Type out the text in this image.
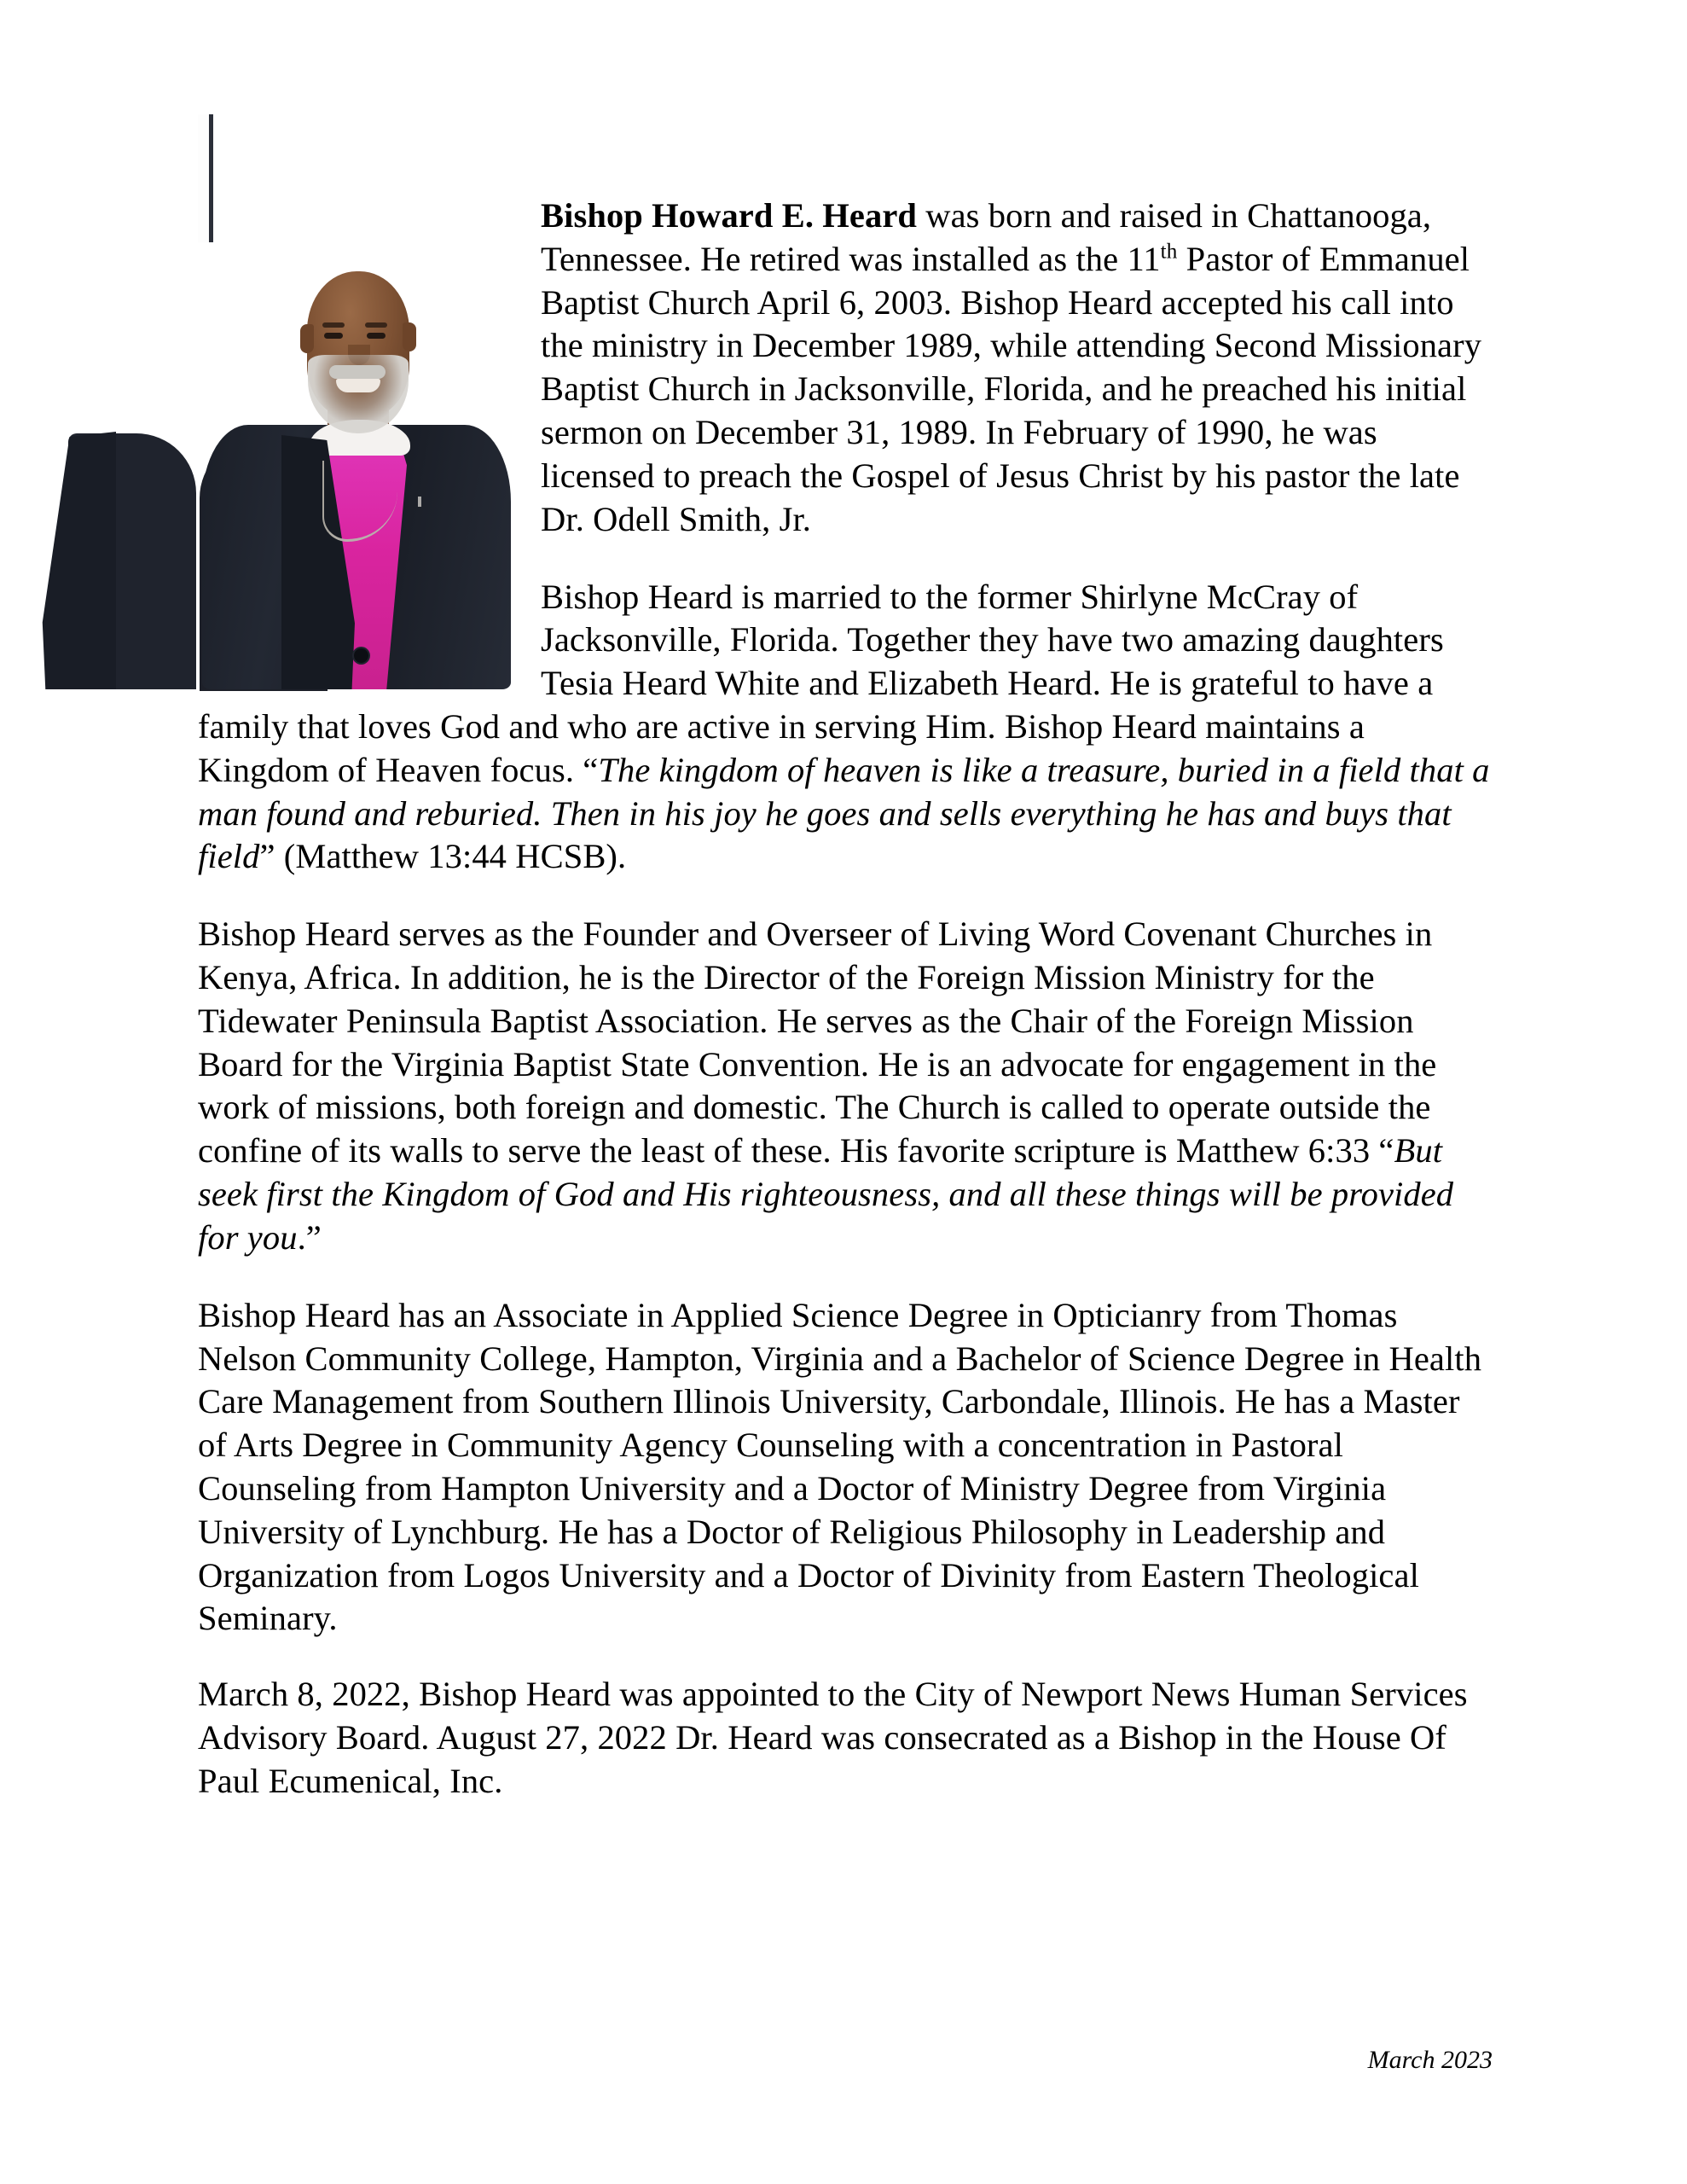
Bishop Howard E. Heard was born and raised in Chattanooga, Tennessee. He retired was installed as the 11th Pastor of Emmanuel Baptist Church April 6, 2003. Bishop Heard accepted his call into the ministry in December 1989, while attending Second Missionary Baptist Church in Jacksonville, Florida, and he preached his initial sermon on December 31, 1989. In February of 1990, he was licensed to preach the Gospel of Jesus Christ by his pastor the late Dr. Odell Smith, Jr.

Bishop Heard is married to the former Shirlyne McCray of Jacksonville, Florida. Together they have two amazing daughters Tesia Heard White and Elizabeth Heard. He is grateful to have a family that loves God and who are active in serving Him. Bishop Heard maintains a Kingdom of Heaven focus. “The kingdom of heaven is like a treasure, buried in a field that a man found and reburied. Then in his joy he goes and sells everything he has and buys that field” (Matthew 13:44 HCSB).

Bishop Heard serves as the Founder and Overseer of Living Word Covenant Churches in Kenya, Africa. In addition, he is the Director of the Foreign Mission Ministry for the Tidewater Peninsula Baptist Association. He serves as the Chair of the Foreign Mission Board for the Virginia Baptist State Convention. He is an advocate for engagement in the work of missions, both foreign and domestic. The Church is called to operate outside the confine of its walls to serve the least of these. His favorite scripture is Matthew 6:33 “But seek first the Kingdom of God and His righteousness, and all these things will be provided for you.”

Bishop Heard has an Associate in Applied Science Degree in Opticianry from Thomas Nelson Community College, Hampton, Virginia and a Bachelor of Science Degree in Health Care Management from Southern Illinois University, Carbondale, Illinois. He has a Master of Arts Degree in Community Agency Counseling with a concentration in Pastoral Counseling from Hampton University and a Doctor of Ministry Degree from Virginia University of Lynchburg. He has a Doctor of Religious Philosophy in Leadership and Organization from Logos University and a Doctor of Divinity from Eastern Theological Seminary.

March 8, 2022, Bishop Heard was appointed to the City of Newport News Human Services Advisory Board. August 27, 2022 Dr. Heard was consecrated as a Bishop in the House Of Paul Ecumenical, Inc.

March 2023
